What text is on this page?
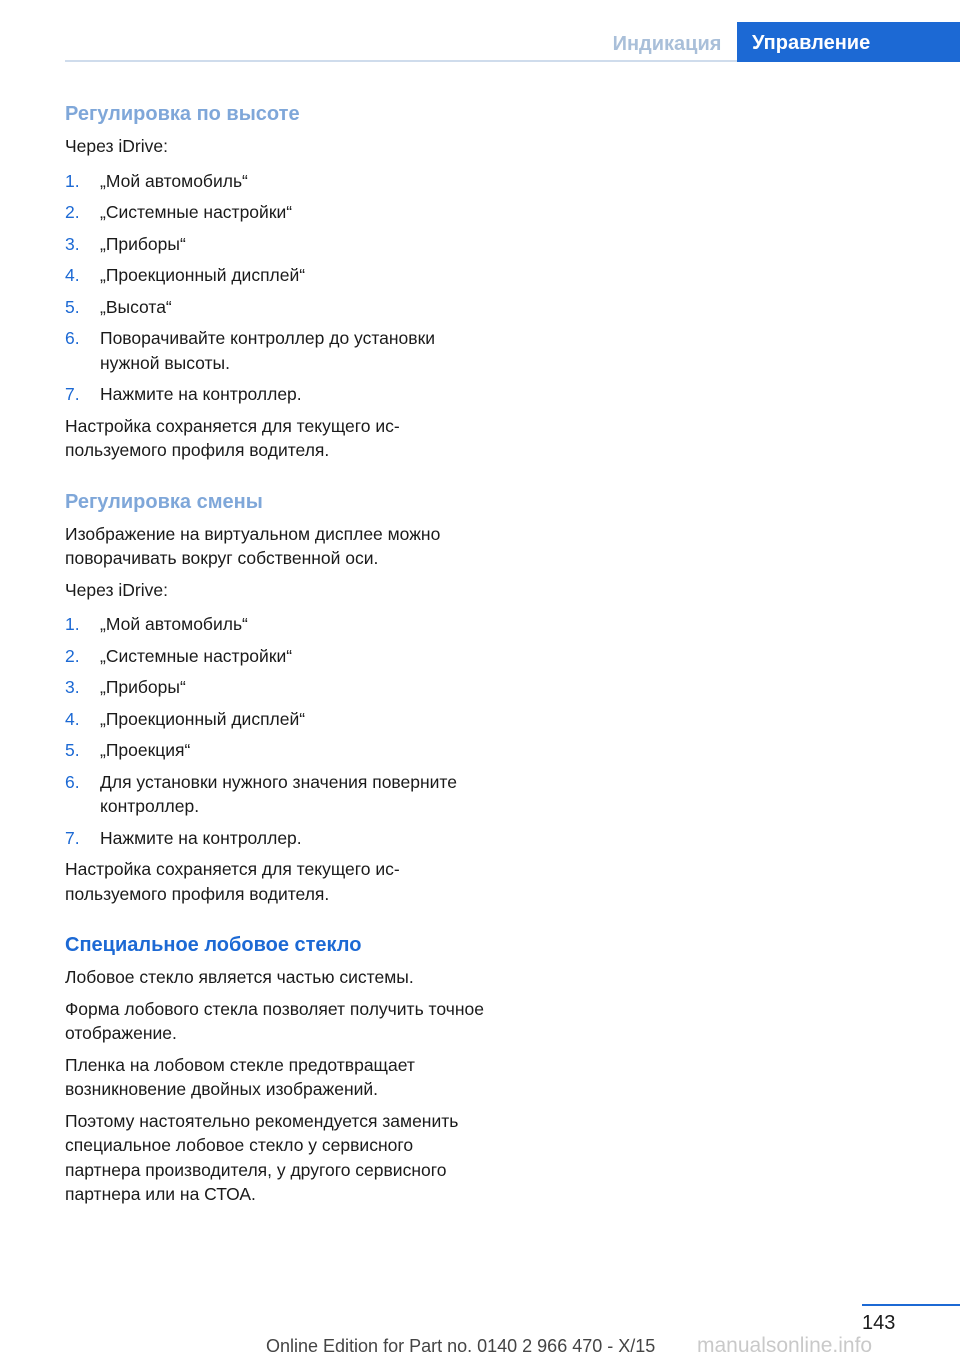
Индикация	Управление
Регулировка по высоте

Через iDrive:

1. „Мой автомобиль“
2. „Системные настройки“
3. „Приборы“
4. „Проекционный дисплей“
5. „Высота“
6. Поворачивайте контроллер до установки нужной высоты.
7. Нажмите на контроллер.

Настройка сохраняется для текущего используемого профиля водителя.

Регулировка смены

Изображение на виртуальном дисплее можно поворачивать вокруг собственной оси.

Через iDrive:

1. „Мой автомобиль“
2. „Системные настройки“
3. „Приборы“
4. „Проекционный дисплей“
5. „Проекция“
6. Для установки нужного значения поверните контроллер.
7. Нажмите на контроллер.

Настройка сохраняется для текущего используемого профиля водителя.

Специальное лобовое стекло

Лобовое стекло является частью системы.

Форма лобового стекла позволяет получить точное отображение.

Пленка на лобовом стекле предотвращает возникновение двойных изображений.

Поэтому настоятельно рекомендуется заменить специальное лобовое стекло у сервисного партнера производителя, у другого сервисного партнера или на СТОА.

143
Online Edition for Part no. 0140 2 966 470 - X/15 manualsonline.info
